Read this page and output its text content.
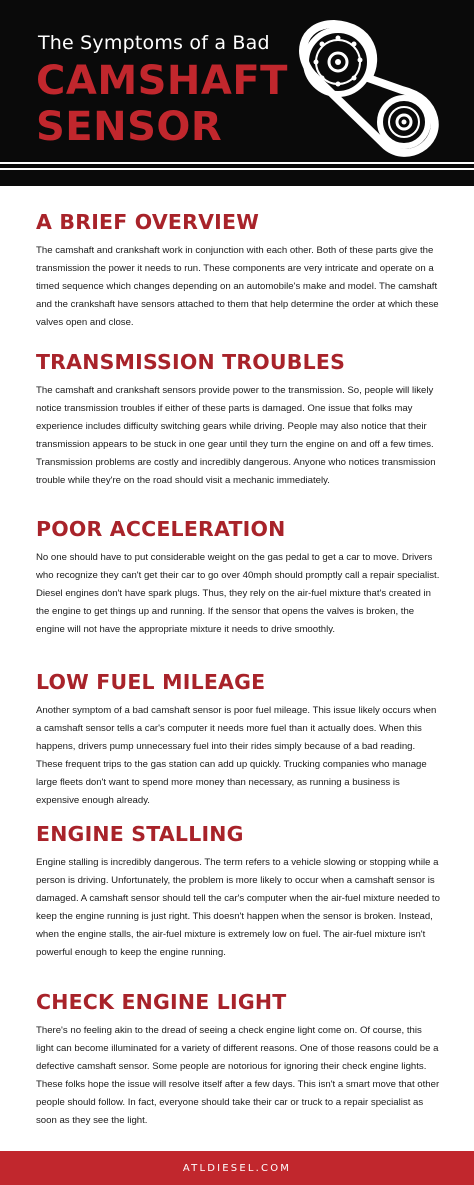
The Symptoms of a Bad
CAMSHAFT
SENSOR
A BRIEF OVERVIEW

The camshaft and crankshaft work in conjunction with each other. Both of these parts give the transmission the power it needs to run. These components are very intricate and operate on a timed sequence which changes depending on an automobile's make and model. The camshaft and the crankshaft have sensors attached to them that help determine the order at which these valves open and close.

TRANSMISSION TROUBLES

The camshaft and crankshaft sensors provide power to the transmission. So, people will likely notice transmission troubles if either of these parts is damaged. One issue that folks may experience includes difficulty switching gears while driving. People may also notice that their transmission appears to be stuck in one gear until they turn the engine on and off a few times. Transmission problems are costly and incredibly dangerous. Anyone who notices transmission trouble while they're on the road should visit a mechanic immediately.

POOR ACCELERATION

No one should have to put considerable weight on the gas pedal to get a car to move. Drivers who recognize they can't get their car to go over 40mph should promptly call a repair specialist. Diesel engines don't have spark plugs. Thus, they rely on the air-fuel mixture that's created in the engine to get things up and running. If the sensor that opens the valves is broken, the engine will not have the appropriate mixture it needs to drive smoothly.

LOW FUEL MILEAGE

Another symptom of a bad camshaft sensor is poor fuel mileage. This issue likely occurs when a camshaft sensor tells a car's computer it needs more fuel than it actually does. When this happens, drivers pump unnecessary fuel into their rides simply because of a bad reading. These frequent trips to the gas station can add up quickly. Trucking companies who manage large fleets don't want to spend more money than necessary, as running a business is expensive enough already.

ENGINE STALLING

Engine stalling is incredibly dangerous. The term refers to a vehicle slowing or stopping while a person is driving. Unfortunately, the problem is more likely to occur when a camshaft sensor is damaged. A camshaft sensor should tell the car's computer when the air-fuel mixture needed to keep the engine running is just right. This doesn't happen when the sensor is broken. Instead, when the engine stalls, the air-fuel mixture is extremely low on fuel. The air-fuel mixture isn't powerful enough to keep the engine running.

CHECK ENGINE LIGHT

There's no feeling akin to the dread of seeing a check engine light come on. Of course, this light can become illuminated for a variety of different reasons. One of those reasons could be a defective camshaft sensor. Some people are notorious for ignoring their check engine lights. These folks hope the issue will resolve itself after a few days. This isn't a smart move that other people should follow. In fact, everyone should take their car or truck to a repair specialist as soon as they see the light.

ATLDIESEL.COM
